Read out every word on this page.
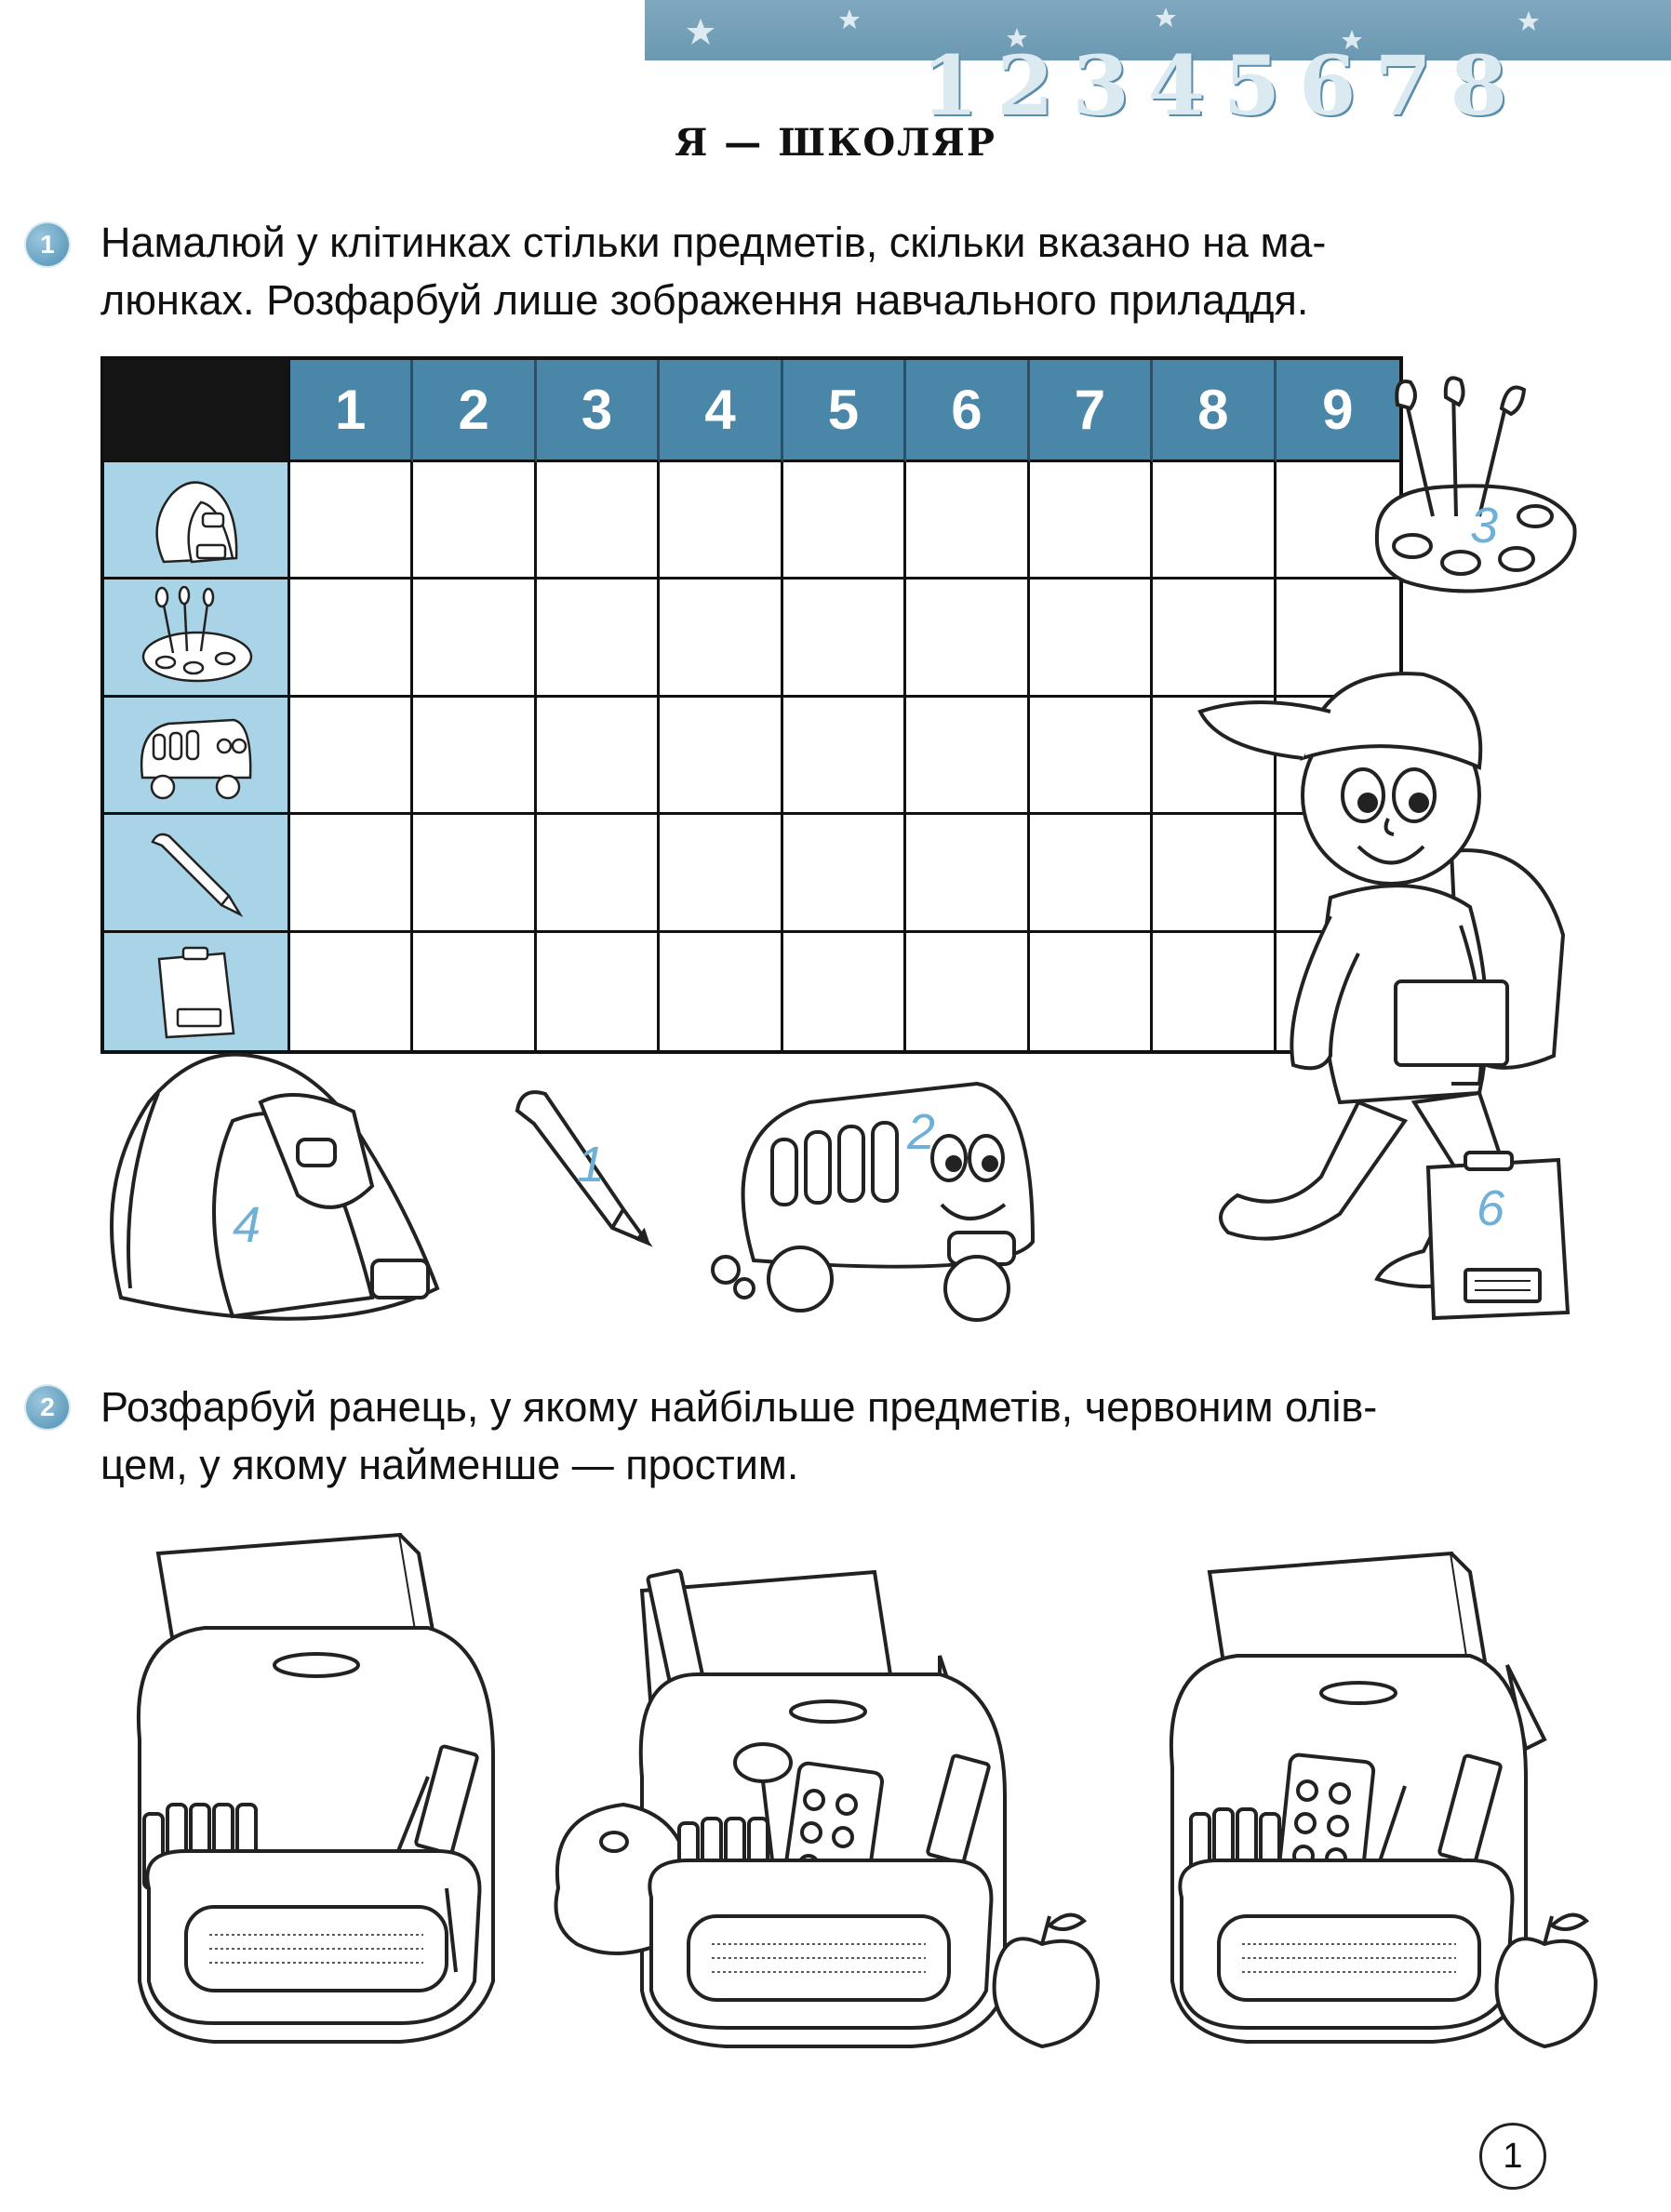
12345678
Я — ШКОЛЯР
1	Намалюй у клітинках стільки предметів, скільки вказано на ма-
люнках. Розфарбуй лише зображення навчального приладдя.
1	2	3	4	5	6	7	8	9
3
4
1
2
6
2	Розфарбуй ранець, у якому найбільше предметів, червоним олів-
цем, у якому найменше — простим.
1
